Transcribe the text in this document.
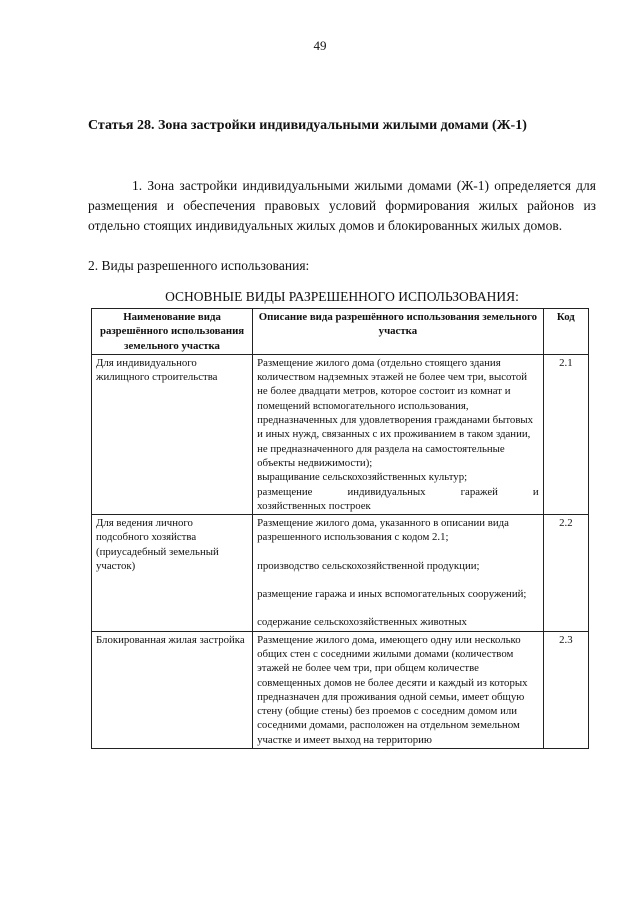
49
Статья 28. Зона застройки индивидуальными жилыми домами (Ж-1)

1. Зона застройки индивидуальными жилыми домами (Ж-1) определяется для размещения и обеспечения правовых условий формирования жилых районов из отдельно стоящих индивидуальных жилых домов и блокированных жилых домов.

2. Виды разрешенного использования:

ОСНОВНЫЕ ВИДЫ РАЗРЕШЕННОГО ИСПОЛЬЗОВАНИЯ:
Наименование вида разрешённого использования земельного участка	Описание вида разрешённого использования земельного участка	Код
Для индивидуального жилищного строительства	Размещение жилого дома (отдельно стоящего здания количеством надземных этажей не более чем три, высотой не более двадцати метров, которое состоит из комнат и помещений вспомогательного использования, предназначенных для удовлетворения гражданами бытовых и иных нужд, связанных с их проживанием в таком здании, не предназначенного для раздела на самостоятельные объекты недвижимости);
выращивание сельскохозяйственных культур;
размещение индивидуальных гаражей и
хозяйственных построек	2.1
Для ведения личного подсобного хозяйства (приусадебный земельный участок)	Размещение жилого дома, указанного в описании вида разрешенного использования с кодом 2.1;
производство сельскохозяйственной продукции;
размещение гаража и иных вспомогательных сооружений;
содержание сельскохозяйственных животных	2.2
Блокированная жилая застройка	Размещение жилого дома, имеющего одну или несколько общих стен с соседними жилыми домами (количеством этажей не более чем три, при общем количестве совмещенных домов не более десяти и каждый из которых предназначен для проживания одной семьи, имеет общую стену (общие стены) без проемов с соседним домом или соседними домами, расположен на отдельном земельном участке и имеет выход на территорию	2.3
